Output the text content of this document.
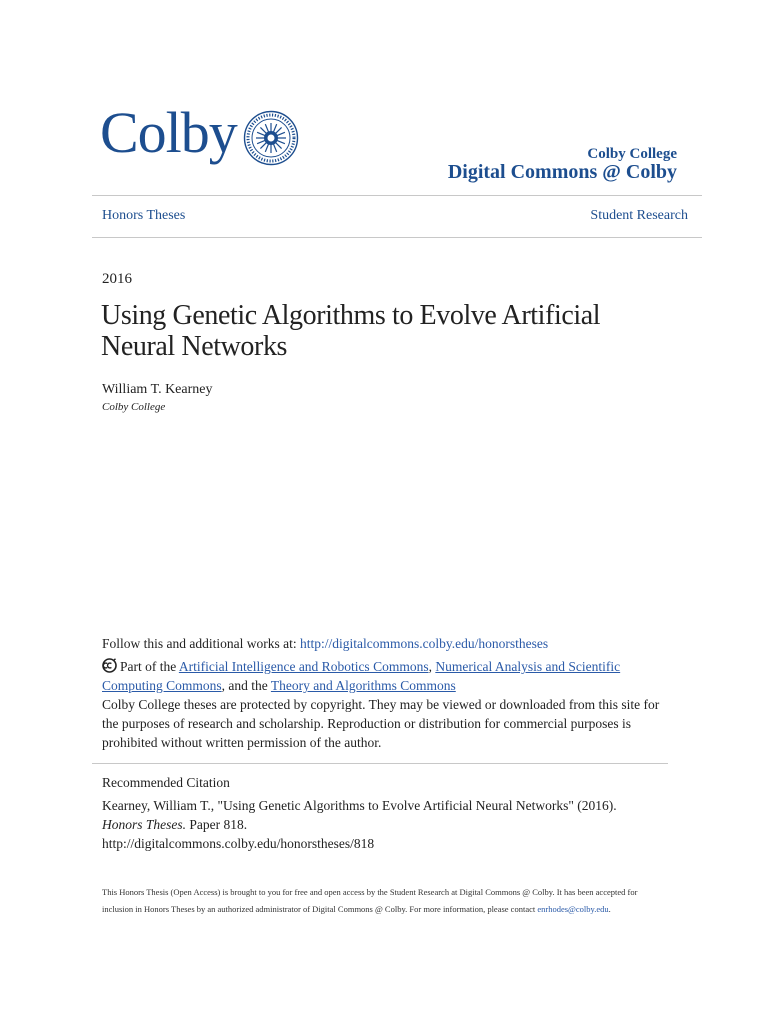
Colby	Colby College
Digital Commons @ Colby
Honors Theses	Student Research
2016
Using Genetic Algorithms to Evolve Artificial Neural Networks
William T. Kearney
Colby College
Follow this and additional works at: http://digitalcommons.colby.edu/honorstheses
Part of the Artificial Intelligence and Robotics Commons, Numerical Analysis and Scientific Computing Commons, and the Theory and Algorithms Commons
Colby College theses are protected by copyright. They may be viewed or downloaded from this site for the purposes of research and scholarship. Reproduction or distribution for commercial purposes is prohibited without written permission of the author.
Recommended Citation
Kearney, William T., "Using Genetic Algorithms to Evolve Artificial Neural Networks" (2016).
Honors Theses. Paper 818.
http://digitalcommons.colby.edu/honorstheses/818
This Honors Thesis (Open Access) is brought to you for free and open access by the Student Research at Digital Commons @ Colby. It has been accepted for inclusion in Honors Theses by an authorized administrator of Digital Commons @ Colby. For more information, please contact enrhodes@colby.edu.
